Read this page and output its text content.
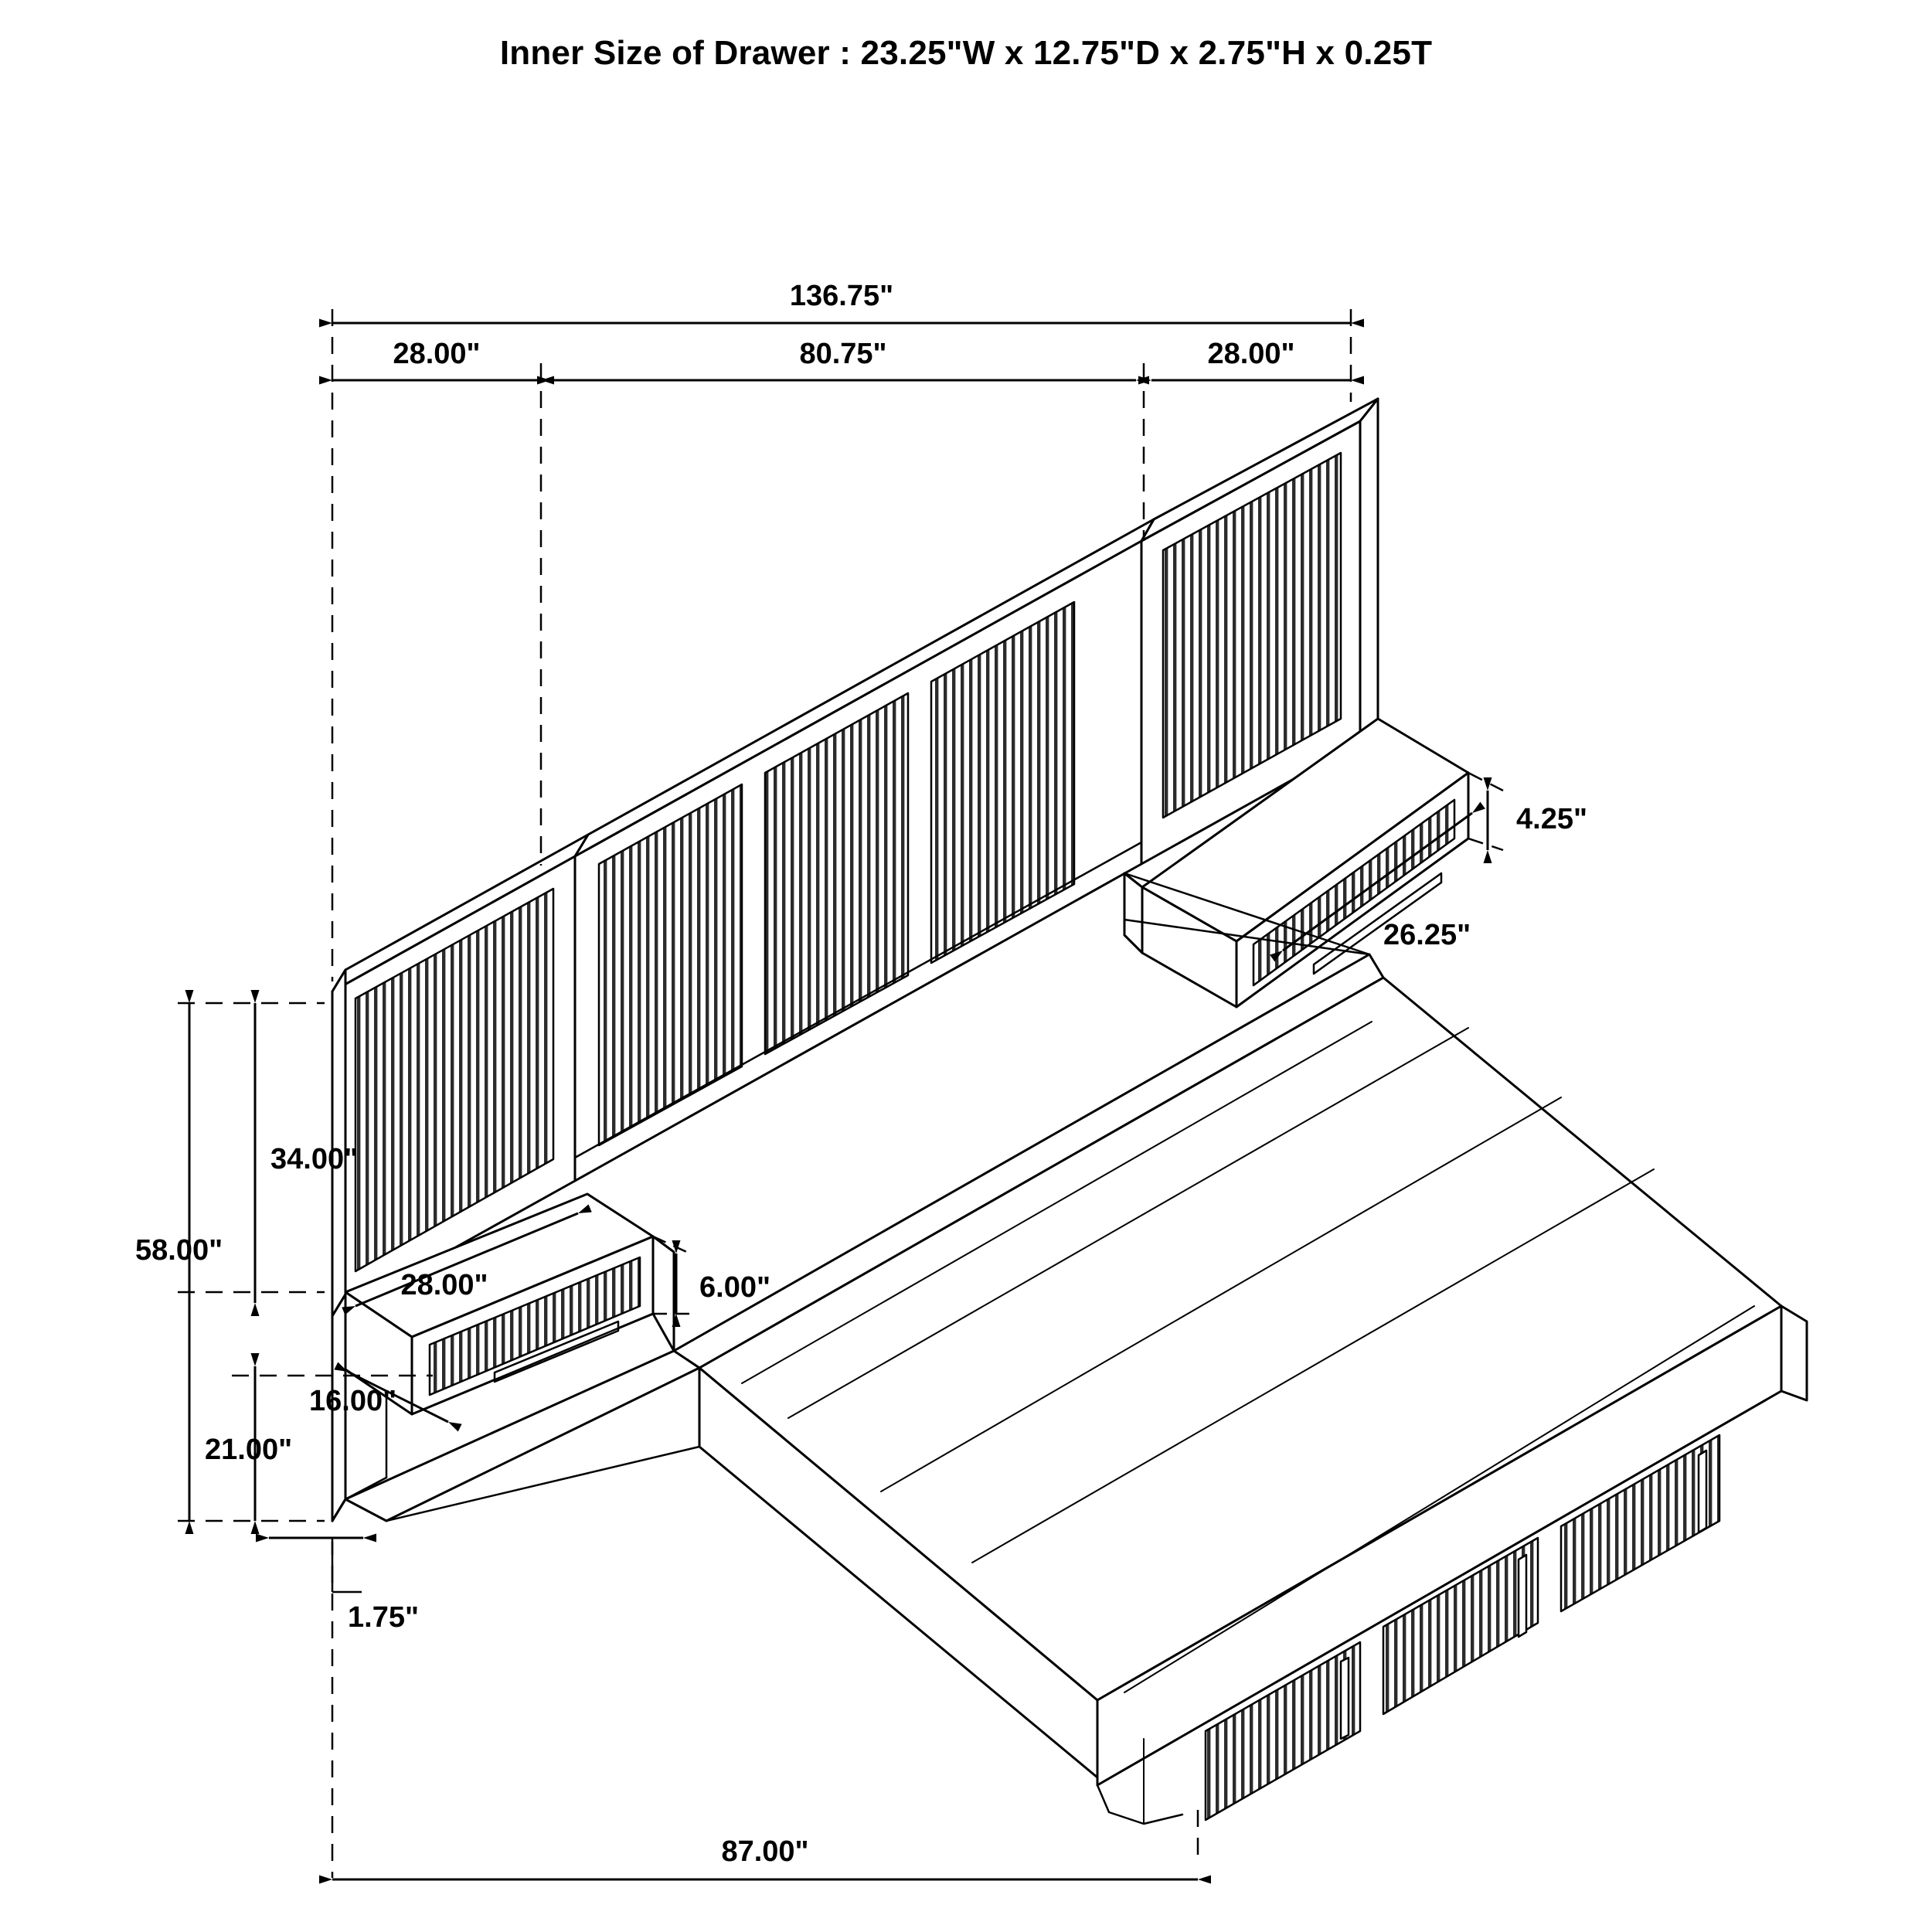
Inner Size of Drawer : 23.25"W x 12.75"D x 2.75"H x 0.25T
136.75"
28.00"	80.75"	28.00"
4.25"
26.25"
34.00"
58.00"
21.00"
6.00"
28.00"
16.00"
1.75"
87.00"
